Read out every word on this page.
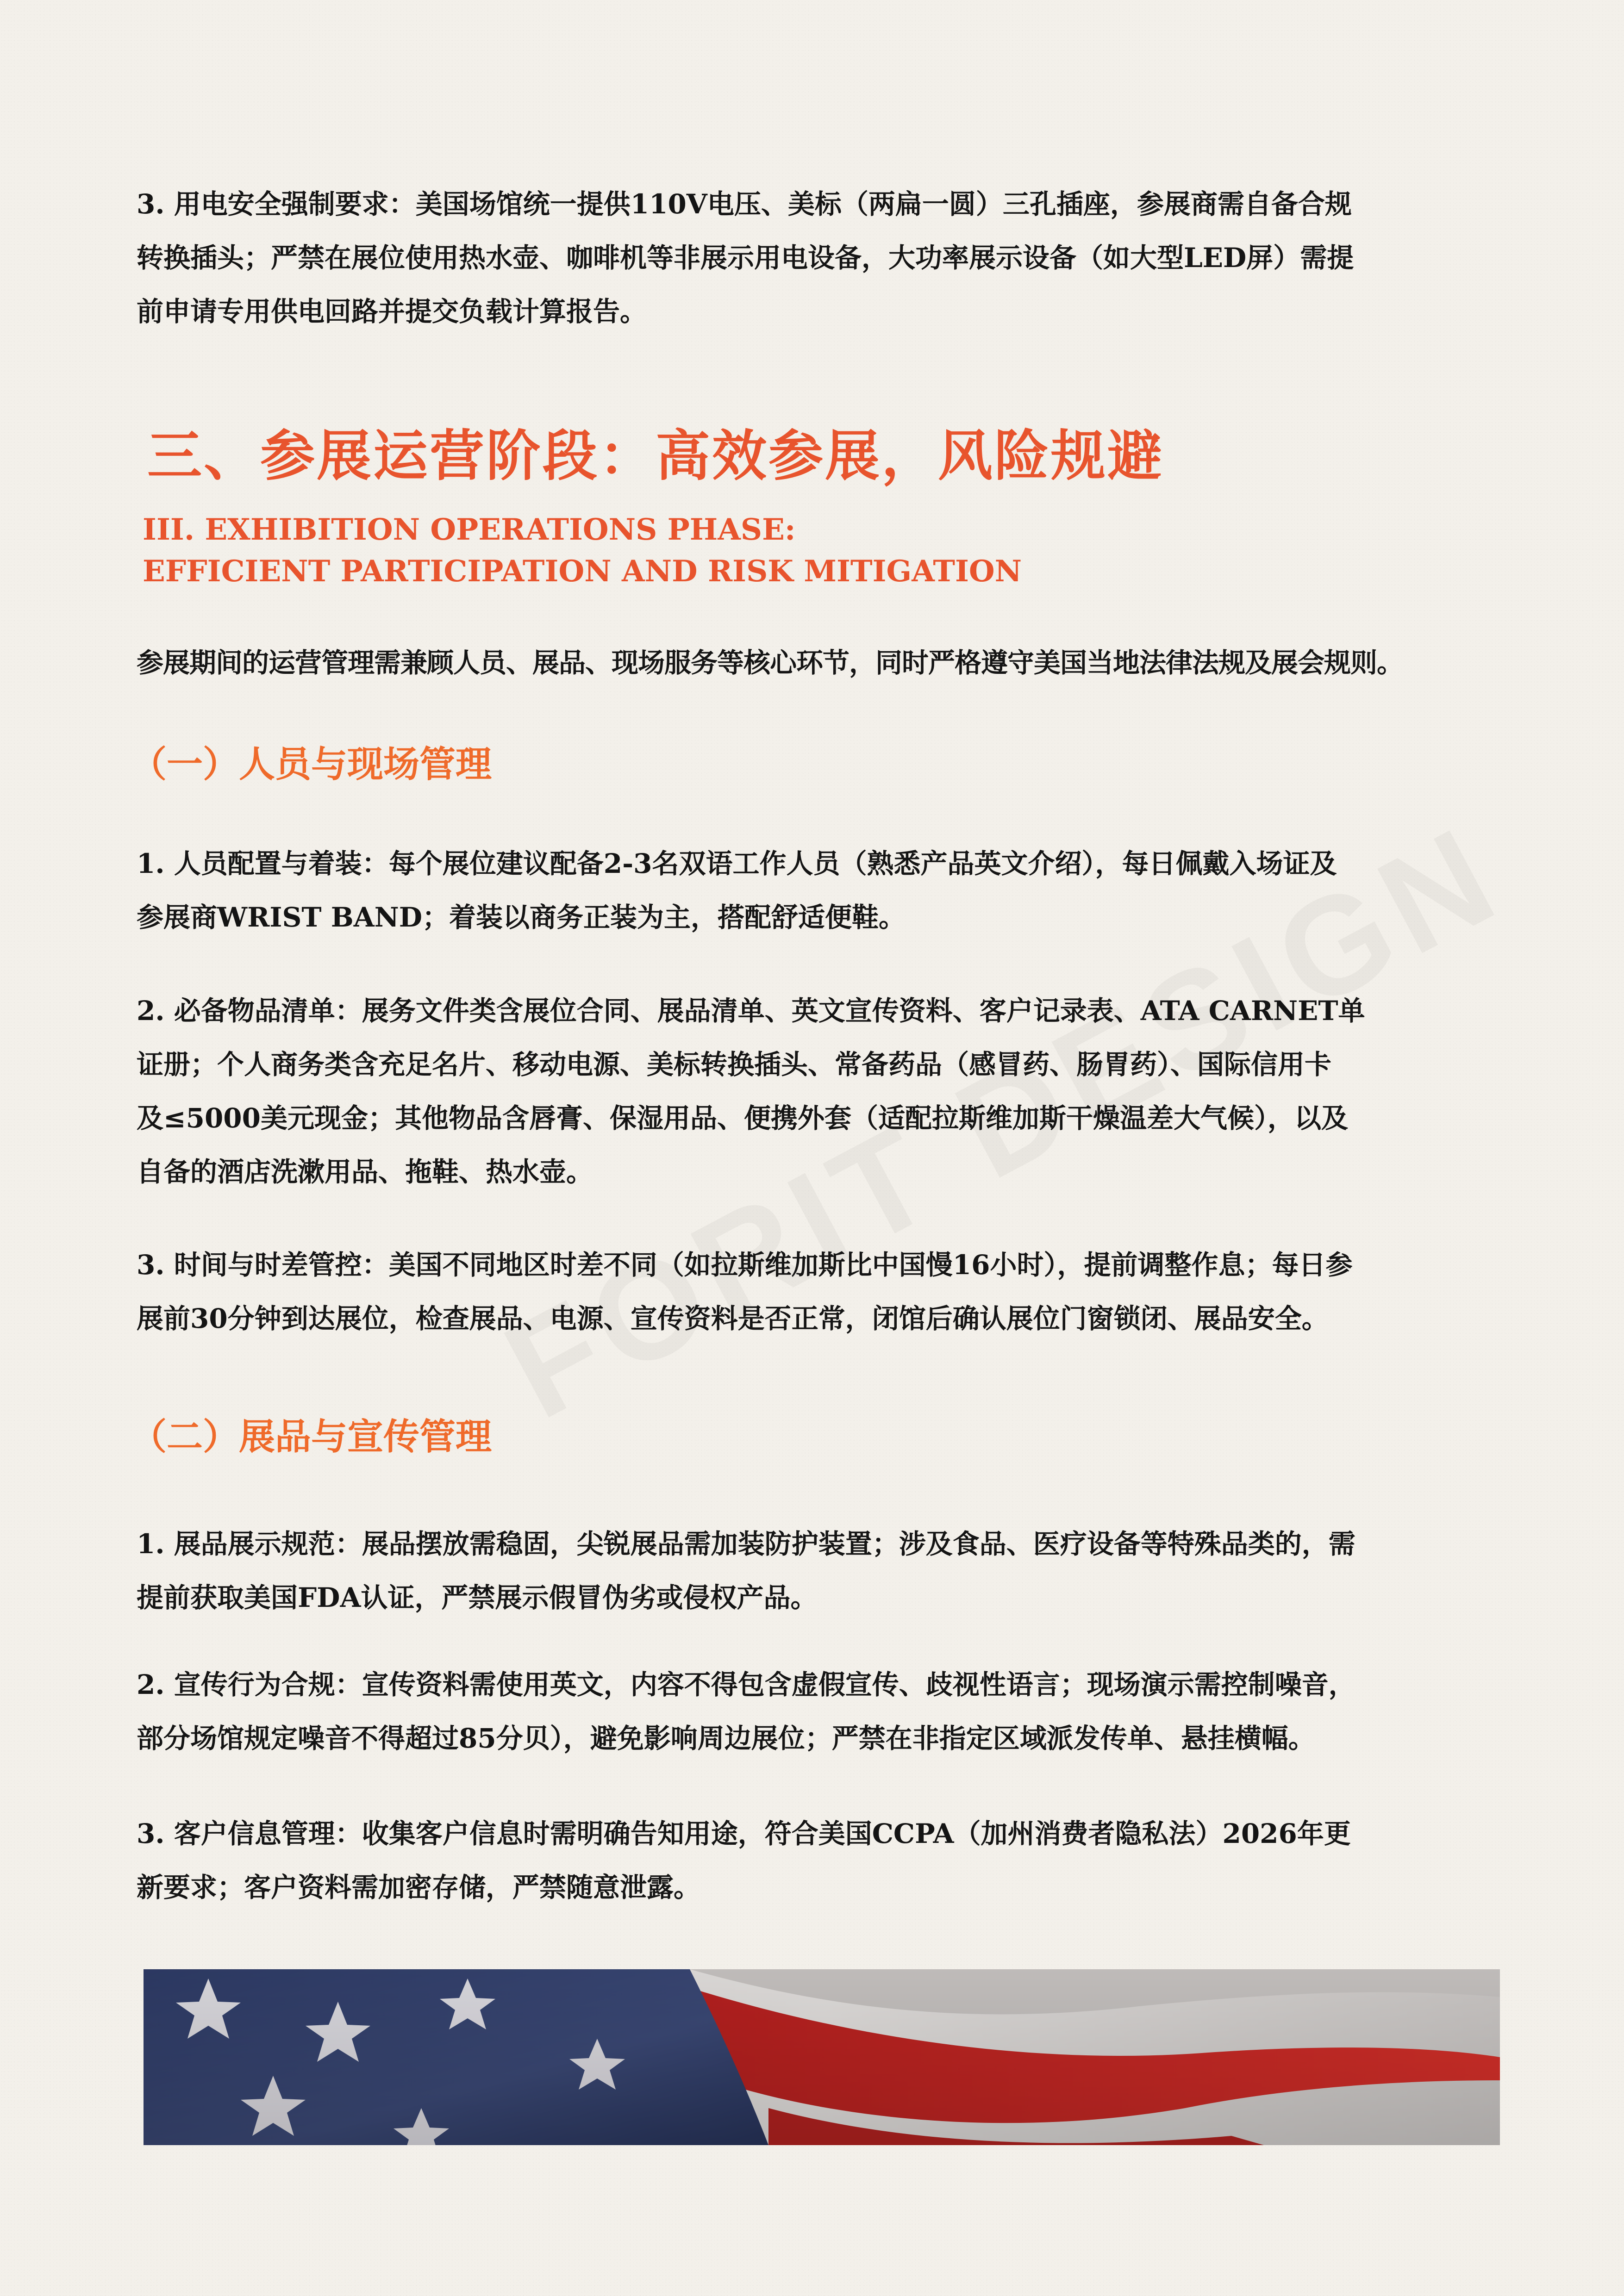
3. 用电安全强制要求：美国场馆统一提供110V电压、美标（两扁一圆）三孔插座，参展商需自备合规
转换插头；严禁在展位使用热水壶、咖啡机等非展示用电设备，大功率展示设备（如大型LED屏）需提
前申请专用供电回路并提交负载计算报告。

三、参展运营阶段：高效参展，风险规避
III. EXHIBITION OPERATIONS PHASE:
EFFICIENT PARTICIPATION AND RISK MITIGATION

参展期间的运营管理需兼顾人员、展品、现场服务等核心环节，同时严格遵守美国当地法律法规及展会规则。

（一）人员与现场管理

1. 人员配置与着装：每个展位建议配备2-3名双语工作人员（熟悉产品英文介绍），每日佩戴入场证及
参展商WRIST BAND；着装以商务正装为主，搭配舒适便鞋。

2. 必备物品清单：展务文件类含展位合同、展品清单、英文宣传资料、客户记录表、ATA CARNET单
证册；个人商务类含充足名片、移动电源、美标转换插头、常备药品（感冒药、肠胃药）、国际信用卡
及≤5000美元现金；其他物品含唇膏、保湿用品、便携外套（适配拉斯维加斯干燥温差大气候），以及
自备的酒店洗漱用品、拖鞋、热水壶。

3. 时间与时差管控：美国不同地区时差不同（如拉斯维加斯比中国慢16小时），提前调整作息；每日参
展前30分钟到达展位，检查展品、电源、宣传资料是否正常，闭馆后确认展位门窗锁闭、展品安全。

（二）展品与宣传管理

1. 展品展示规范：展品摆放需稳固，尖锐展品需加装防护装置；涉及食品、医疗设备等特殊品类的，需
提前获取美国FDA认证，严禁展示假冒伪劣或侵权产品。

2. 宣传行为合规：宣传资料需使用英文，内容不得包含虚假宣传、歧视性语言；现场演示需控制噪音，
部分场馆规定噪音不得超过85分贝），避免影响周边展位；严禁在非指定区域派发传单、悬挂横幅。

3. 客户信息管理：收集客户信息时需明确告知用途，符合美国CCPA（加州消费者隐私法）2026年更
新要求；客户资料需加密存储，严禁随意泄露。
